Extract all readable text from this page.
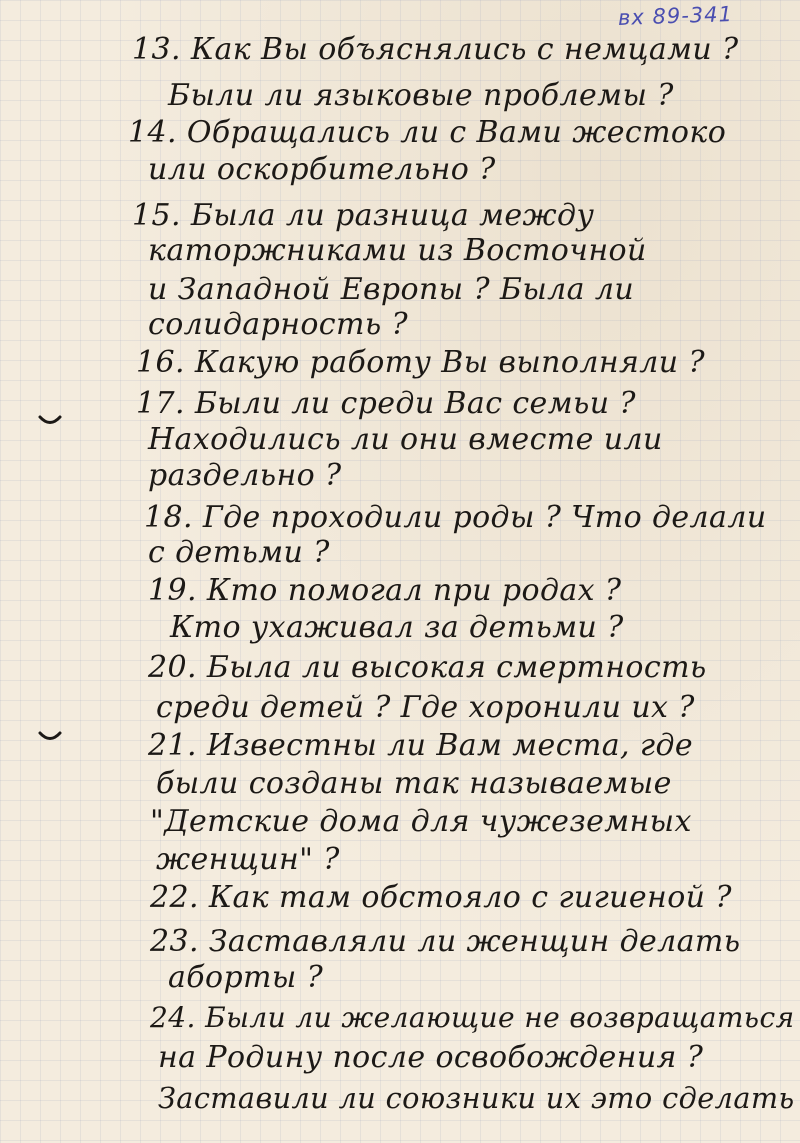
вх 89-341
13. Как Вы объяснялись с немцами ?
Были ли языковые проблемы ?
14. Обращались ли с Вами жестоко
или оскорбительно ?
15. Была ли разница между
каторжниками из Восточной
и Западной Европы ? Была ли
солидарность ?
16. Какую работу Вы выполняли ?
17. Были ли среди Вас семьи ?
Находились ли они вместе или
раздельно ?
18. Где проходили роды ? Что делали
с детьми ?
19. Кто помогал при родах ?
Кто ухаживал за детьми ?
20. Была ли высокая смертность
среди детей ? Где хоронили их ?
21. Известны ли Вам места, где
были созданы так называемые
"Детские дома для чужеземных
женщин" ?
22. Как там обстояло с гигиеной ?
23. Заставляли ли женщин делать
аборты ?
24. Были ли желающие не возвращаться
на Родину после освобождения ?
Заставили ли союзники их это сделать
